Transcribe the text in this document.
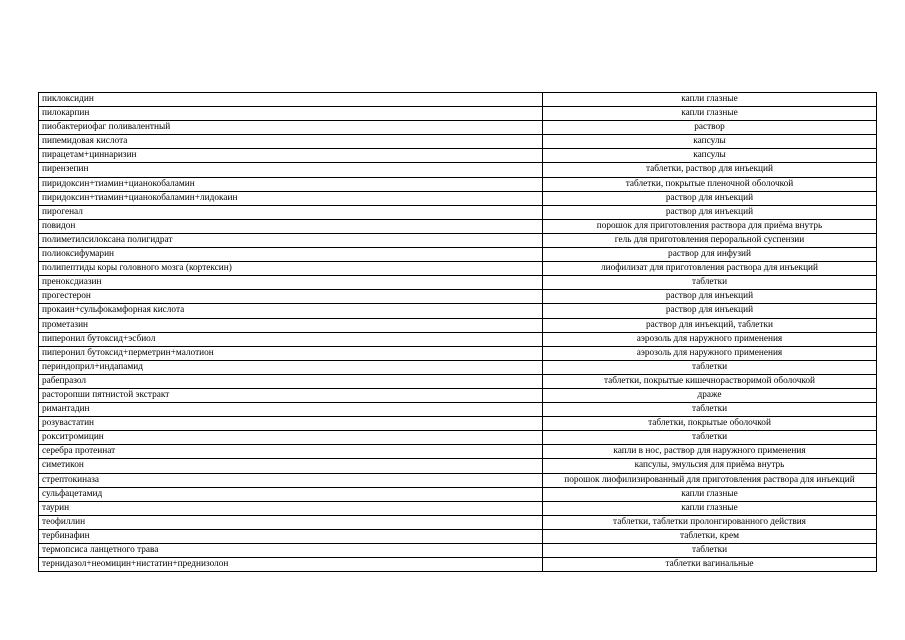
пиклоксидин	капли глазные
пилокарпин	капли глазные
пиобактериофаг поливалентный	раствор
пипемидовая кислота	капсулы
пирацетам+циннаризин	капсулы
пирензепин	таблетки, раствор для инъекций
пиридоксин+тиамин+цианокобаламин	таблетки, покрытые пленочной оболочкой
пиридоксин+тиамин+цианокобаламин+лидокаин	раствор для инъекций
пирогенал	раствор для инъекций
повидон	порошок для приготовления раствора для приёма внутрь
полиметилсилоксана полигидрат	гель для приготовления пероральной суспензии
полиоксифумарин	раствор для инфузий
полипептиды коры головного мозга (кортексин)	лиофилизат для приготовления раствора для инъекций
пренокcдиазин	таблетки
прогестерон	раствор для инъекций
прокаин+сульфокамфорная кислота	раствор для инъекций
прометазин	раствор для инъекций, таблетки
пиперонил бутоксид+эсбиол	аэрозоль для наружного применения
пиперонил бутоксид+перметрин+малотион	аэрозоль для наружного применения
периндоприл+индапамид	таблетки
рабепразол	таблетки, покрытые кишечнорастворимой оболочкой
расторопши пятнистой экстракт	драже
римантадин	таблетки
розувастатин	таблетки, покрытые оболочкой
рокситромицин	таблетки
серебра протеинат	капли в нос, раствор для наружного применения
симетикон	капсулы, эмульсия для приёма внутрь
стрептокиназа	порошок лиофилизированный для приготовления раствора для инъекций
сульфацетамид	капли глазные
таурин	капли глазные
теофиллин	таблетки, таблетки пролонгированного действия
тербинафин	таблетки, крем
термопсиса ланцетного трава	таблетки
тернидазол+неомицин+нистатин+преднизолон	таблетки вагинальные
